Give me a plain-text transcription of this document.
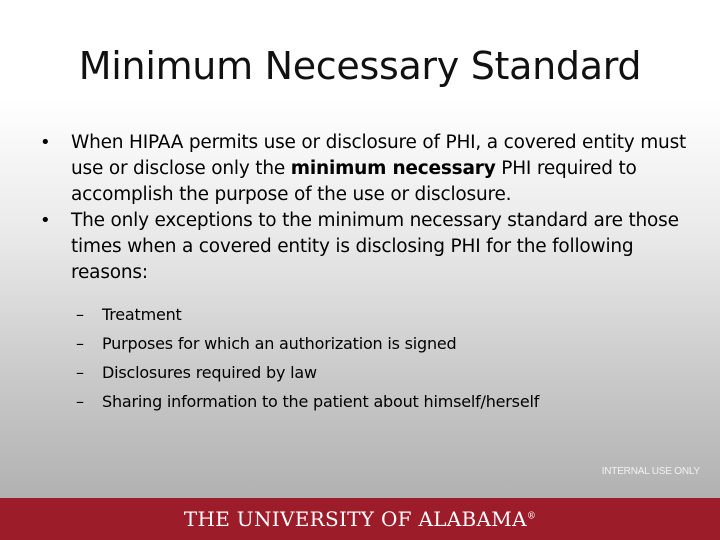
Minimum Necessary Standard
• When HIPAA permits use or disclosure of PHI, a covered entity must use or disclose only the minimum necessary PHI required to accomplish the purpose of the use or disclosure.
• The only exceptions to the minimum necessary standard are those times when a covered entity is disclosing PHI for the following reasons:
– Treatment
– Purposes for which an authorization is signed
– Disclosures required by law
– Sharing information to the patient about himself/herself
INTERNAL USE ONLY
THE UNIVERSITY OF ALABAMA®
